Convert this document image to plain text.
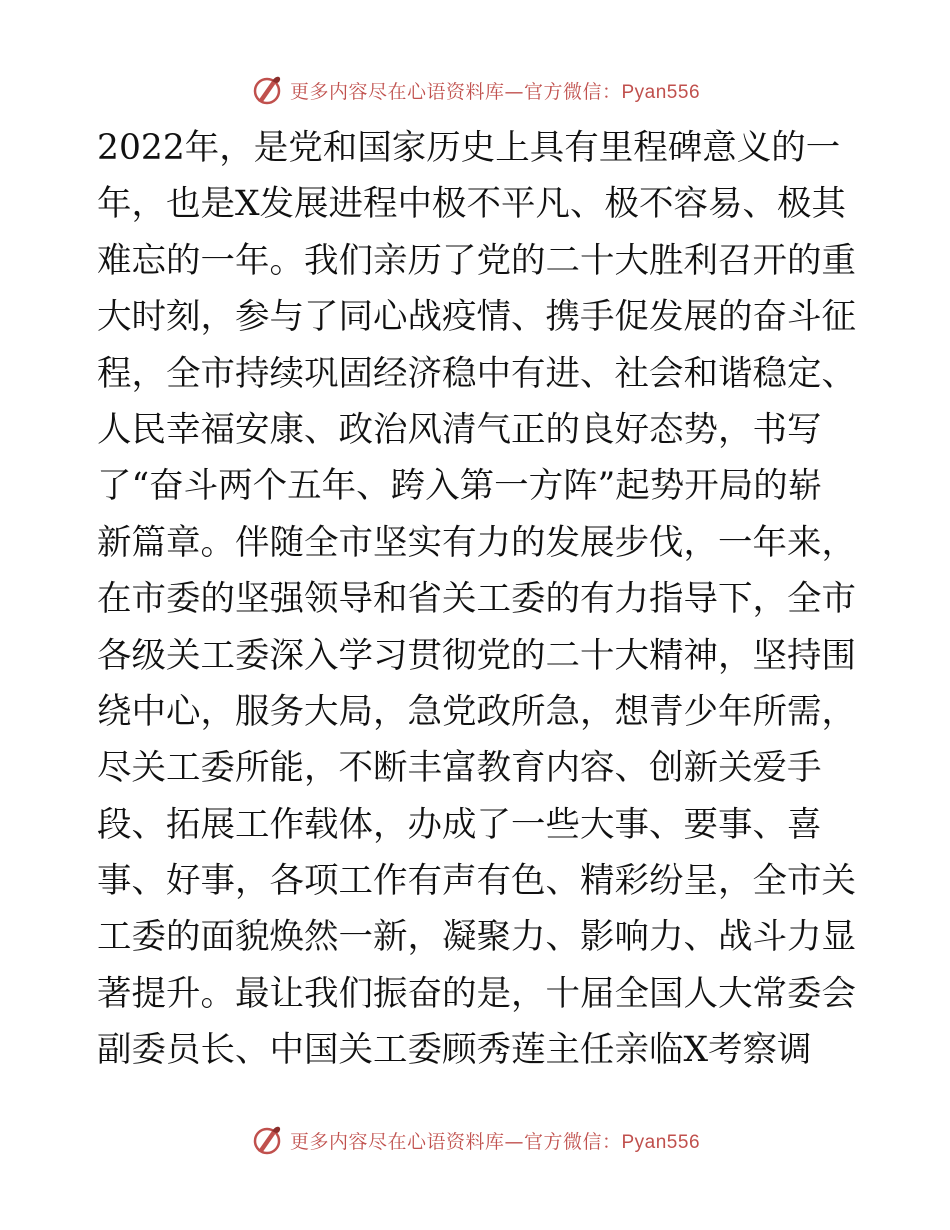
更多内容尽在心语资料库—官方微信：Pyan556
2022年，是党和国家历史上具有里程碑意义的一
年，也是X发展进程中极不平凡、极不容易、极其
难忘的一年。我们亲历了党的二十大胜利召开的重
大时刻，参与了同心战疫情、携手促发展的奋斗征
程，全市持续巩固经济稳中有进、社会和谐稳定、
人民幸福安康、政治风清气正的良好态势，书写
了“奋斗两个五年、跨入第一方阵”起势开局的崭
新篇章。伴随全市坚实有力的发展步伐，一年来，
在市委的坚强领导和省关工委的有力指导下，全市
各级关工委深入学习贯彻党的二十大精神，坚持围
绕中心，服务大局，急党政所急，想青少年所需，
尽关工委所能，不断丰富教育内容、创新关爱手
段、拓展工作载体，办成了一些大事、要事、喜
事、好事，各项工作有声有色、精彩纷呈，全市关
工委的面貌焕然一新，凝聚力、影响力、战斗力显
著提升。最让我们振奋的是，十届全国人大常委会
副委员长、中国关工委顾秀莲主任亲临X考察调
更多内容尽在心语资料库—官方微信：Pyan556
